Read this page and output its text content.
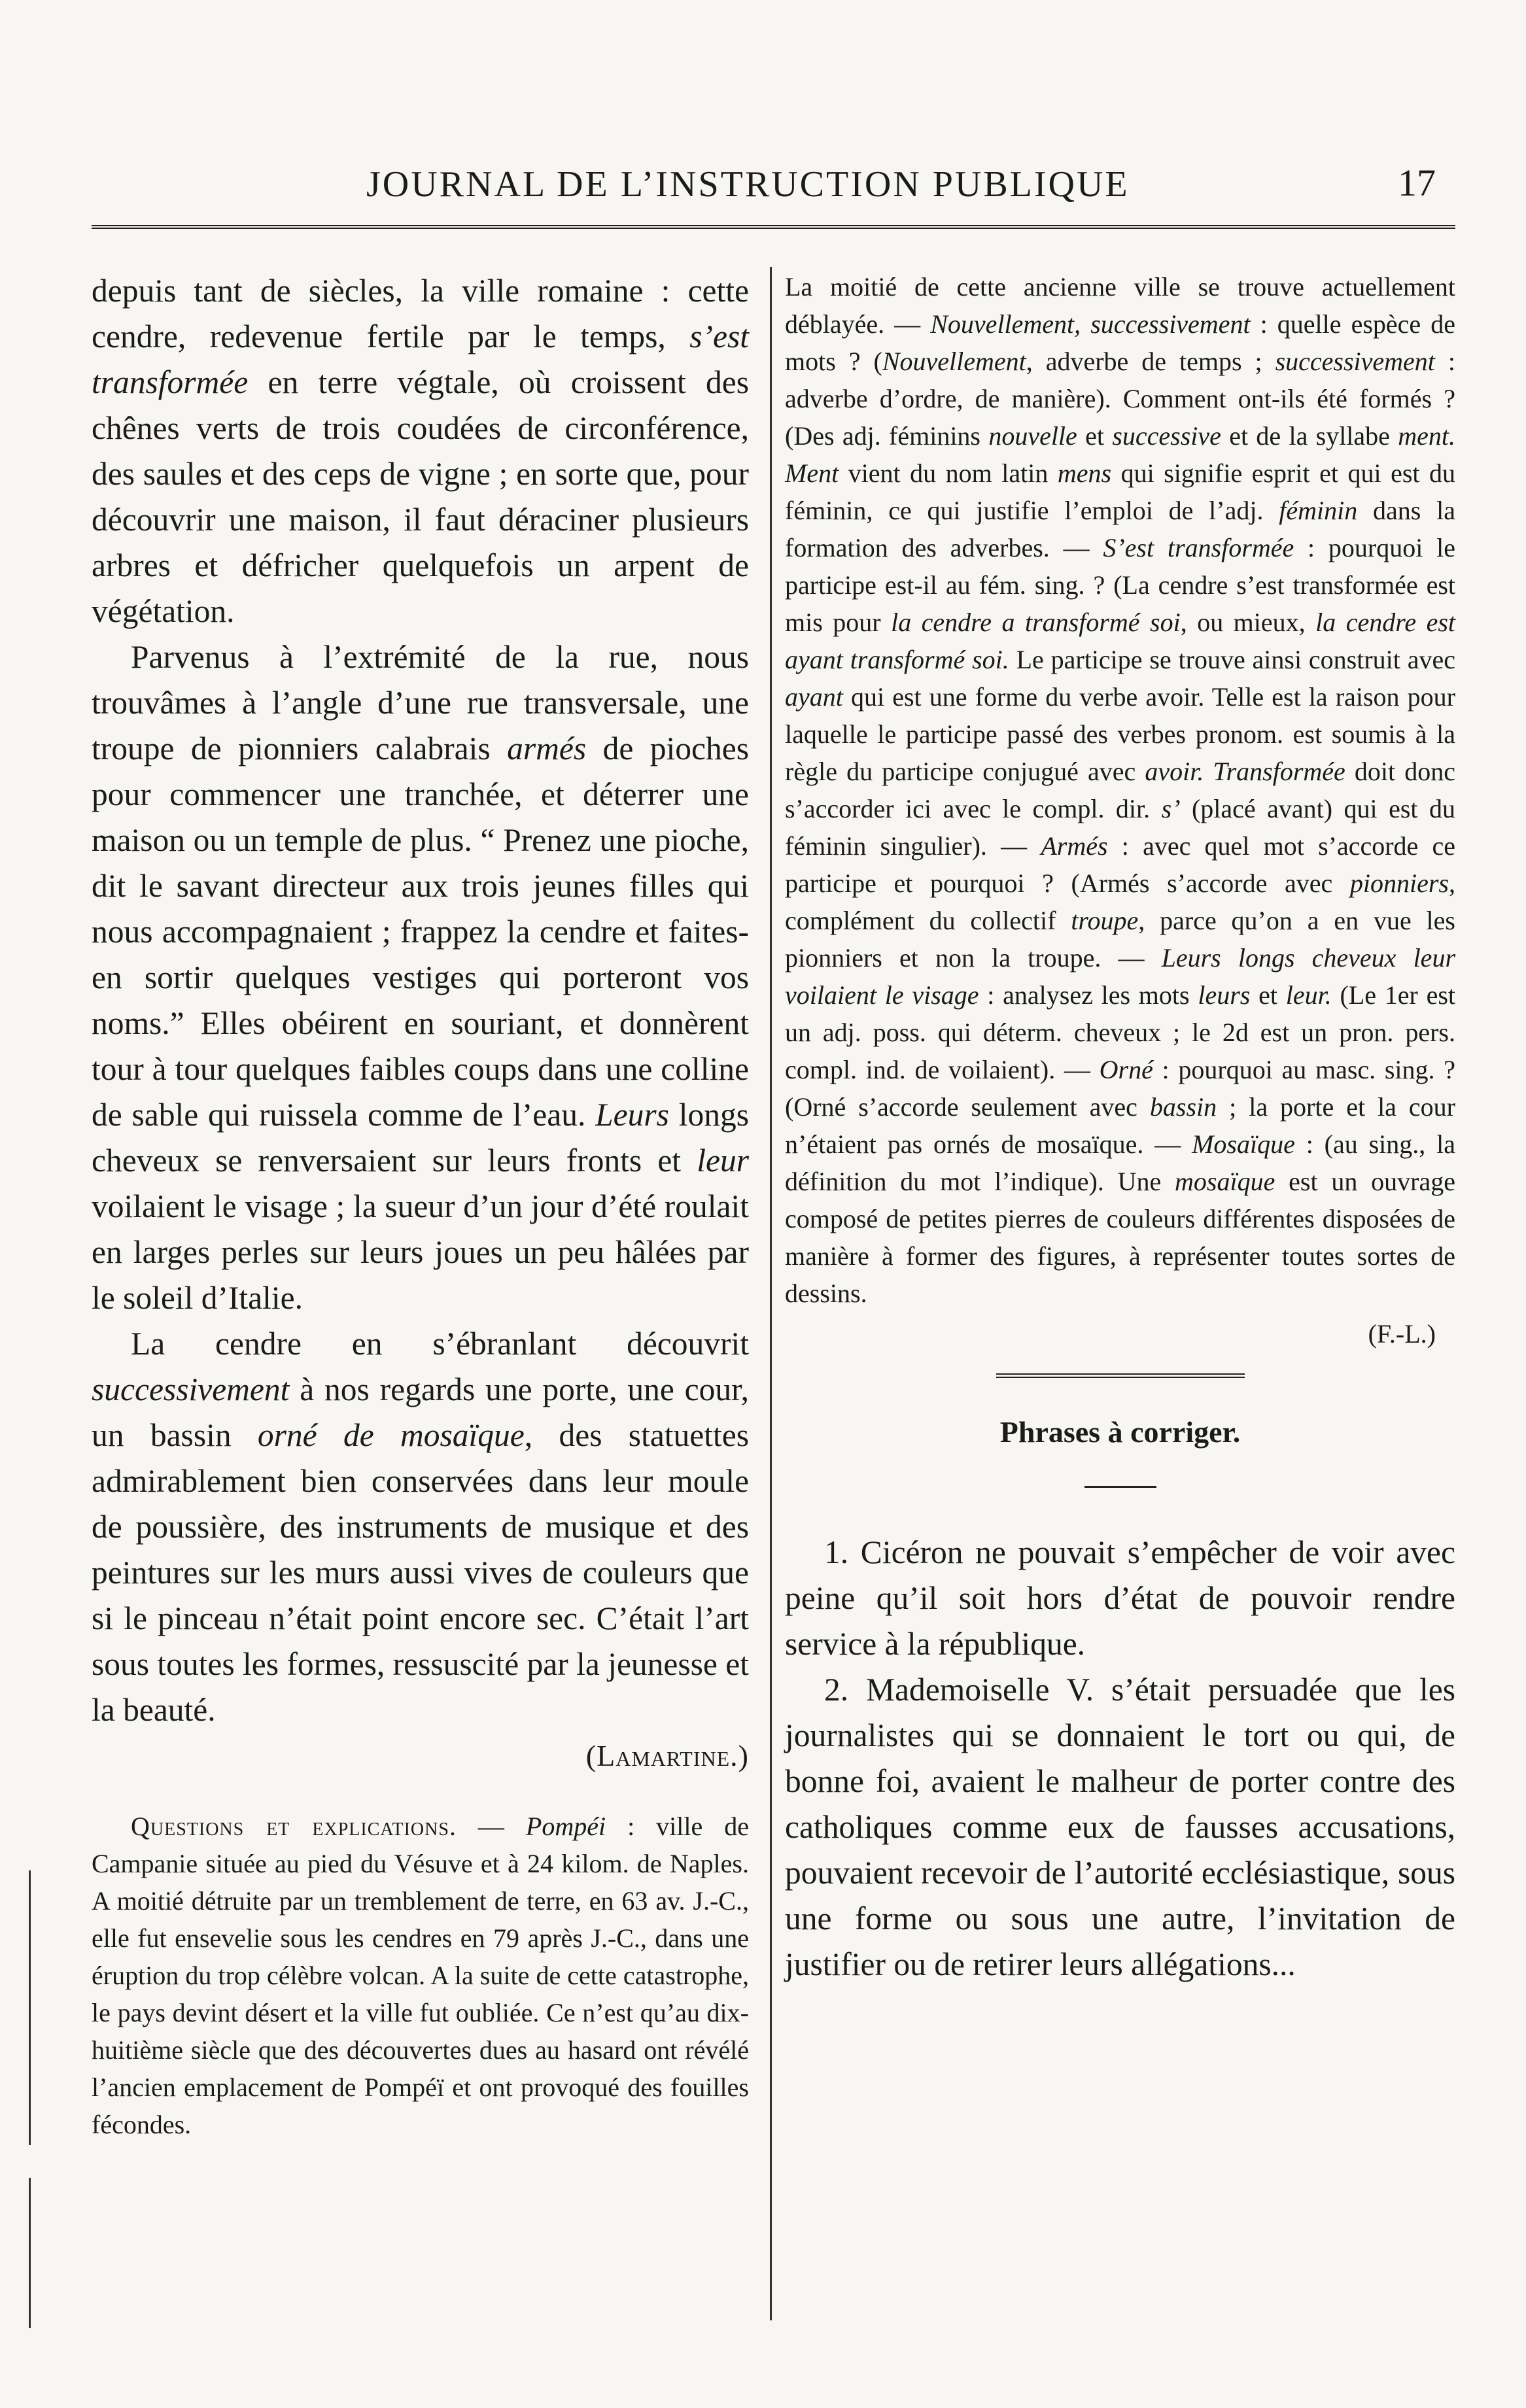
JOURNAL DE L’INSTRUCTION PUBLIQUE	17

depuis tant de siècles, la ville romaine : cette cendre, redevenue fertile par le temps, s’est transformée en terre végtale, où croissent des chênes verts de trois coudées de circonférence, des saules et des ceps de vigne ; en sorte que, pour découvrir une maison, il faut déraciner plusieurs arbres et défricher quelquefois un arpent de végétation.

Parvenus à l’extrémité de la rue, nous trouvâmes à l’angle d’une rue transversale, une troupe de pionniers calabrais armés de pioches pour commencer une tranchée, et déterrer une maison ou un temple de plus. “ Prenez une pioche, dit le savant directeur aux trois jeunes filles qui nous accompagnaient ; frappez la cendre et faites-en sortir quelques vestiges qui porteront vos noms.” Elles obéirent en souriant, et donnèrent tour à tour quelques faibles coups dans une colline de sable qui ruissela comme de l’eau. Leurs longs cheveux se renversaient sur leurs fronts et leur voilaient le visage ; la sueur d’un jour d’été roulait en larges perles sur leurs joues un peu hâlées par le soleil d’Italie.

La cendre en s’ébranlant découvrit successivement à nos regards une porte, une cour, un bassin orné de mosaïque, des statuettes admirablement bien conservées dans leur moule de poussière, des instruments de musique et des peintures sur les murs aussi vives de couleurs que si le pinceau n’était point encore sec. C’était l’art sous toutes les formes, ressuscité par la jeunesse et la beauté.

(Lamartine.)

Questions et explications. — Pompéi : ville de Campanie située au pied du Vésuve et à 24 kilom. de Naples. A moitié détruite par un tremblement de terre, en 63 av. J.-C., elle fut ensevelie sous les cendres en 79 après J.-C., dans une éruption du trop célèbre volcan. A la suite de cette catastrophe, le pays devint désert et la ville fut oubliée. Ce n’est qu’au dix-huitième siècle que des découvertes dues au hasard ont révélé l’ancien emplacement de Pompéï et ont provoqué des fouilles fécondes.

La moitié de cette ancienne ville se trouve actuellement déblayée. — Nouvellement, successivement : quelle espèce de mots ? (Nouvellement, adverbe de temps ; successivement : adverbe d’ordre, de manière). Comment ont-ils été formés ? (Des adj. féminins nouvelle et successive et de la syllabe ment. Ment vient du nom latin mens qui signifie esprit et qui est du féminin, ce qui justifie l’emploi de l’adj. féminin dans la formation des adverbes. — S’est transformée : pourquoi le participe est-il au fém. sing. ? (La cendre s’est transformée est mis pour la cendre a transformé soi, ou mieux, la cendre est ayant transformé soi. Le participe se trouve ainsi construit avec ayant qui est une forme du verbe avoir. Telle est la raison pour laquelle le participe passé des verbes pronom. est soumis à la règle du participe conjugué avec avoir. Transformée doit donc s’accorder ici avec le compl. dir. s’ (placé avant) qui est du féminin singulier). — Armés : avec quel mot s’accorde ce participe et pourquoi ? (Armés s’accorde avec pionniers, complément du collectif troupe, parce qu’on a en vue les pionniers et non la troupe. — Leurs longs cheveux leur voilaient le visage : analysez les mots leurs et leur. (Le 1er est un adj. poss. qui déterm. cheveux ; le 2d est un pron. pers. compl. ind. de voilaient). — Orné : pourquoi au masc. sing. ? (Orné s’accorde seulement avec bassin ; la porte et la cour n’étaient pas ornés de mosaïque. — Mosaïque : (au sing., la définition du mot l’indique). Une mosaïque est un ouvrage composé de petites pierres de couleurs différentes disposées de manière à former des figures, à représenter toutes sortes de dessins.

(F.-L.)
Phrases à corriger.

1. Cicéron ne pouvait s’empêcher de voir avec peine qu’il soit hors d’état de pouvoir rendre service à la république.

2. Mademoiselle V. s’était persuadée que les journalistes qui se donnaient le tort ou qui, de bonne foi, avaient le malheur de porter contre des catholiques comme eux de fausses accusations, pouvaient recevoir de l’autorité ecclésiastique, sous une forme ou sous une autre, l’invitation de justifier ou de retirer leurs allégations...
